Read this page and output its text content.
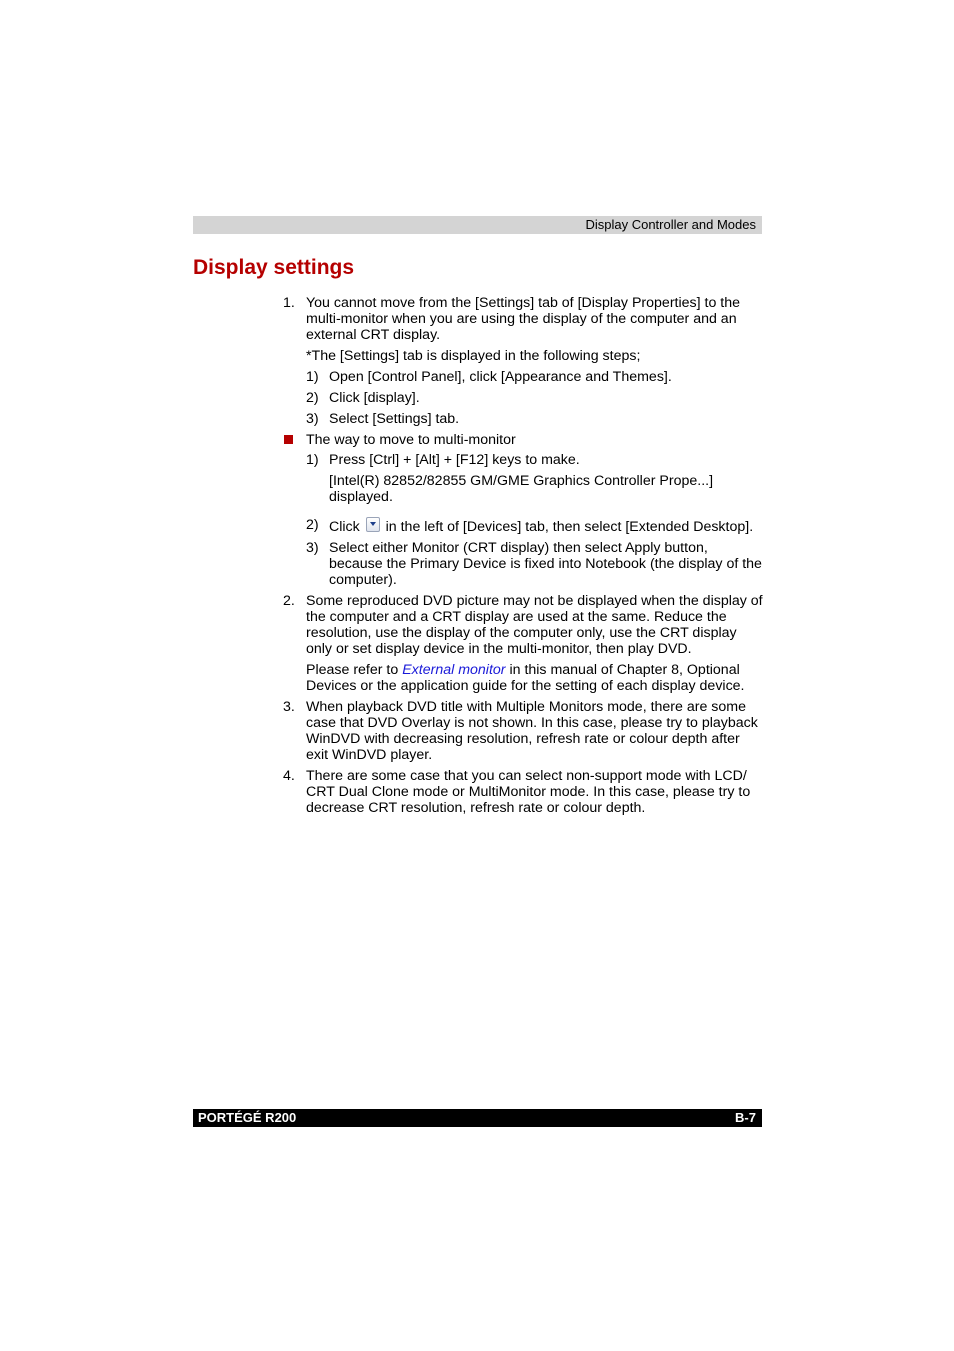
Display Controller and Modes
Display settings
1. You cannot move from the [Settings] tab of [Display Properties] to the multi-monitor when you are using the display of the computer and an external CRT display.
*The [Settings] tab is displayed in the following steps;
1) Open [Control Panel], click [Appearance and Themes].
2) Click [display].
3) Select [Settings] tab.
The way to move to multi-monitor
1) Press [Ctrl] + [Alt] + [F12] keys to make.
[Intel(R) 82852/82855 GM/GME Graphics Controller Prope...] displayed.
2) Click  in the left of [Devices] tab, then select [Extended Desktop].
3) Select either Monitor (CRT display) then select Apply button, because the Primary Device is fixed into Notebook (the display of the computer).
2. Some reproduced DVD picture may not be displayed when the display of the computer and a CRT display are used at the same. Reduce the resolution, use the display of the computer only, use the CRT display only or set display device in the multi-monitor, then play DVD.
Please refer to External monitor in this manual of Chapter 8, Optional Devices or the application guide for the setting of each display device.
3. When playback DVD title with Multiple Monitors mode, there are some case that DVD Overlay is not shown. In this case, please try to playback WinDVD with decreasing resolution, refresh rate or colour depth after exit WinDVD player.
4. There are some case that you can select non-support mode with LCD/ CRT Dual Clone mode or MultiMonitor mode. In this case, please try to decrease CRT resolution, refresh rate or colour depth.
PORTÉGÉ R200	B-7
